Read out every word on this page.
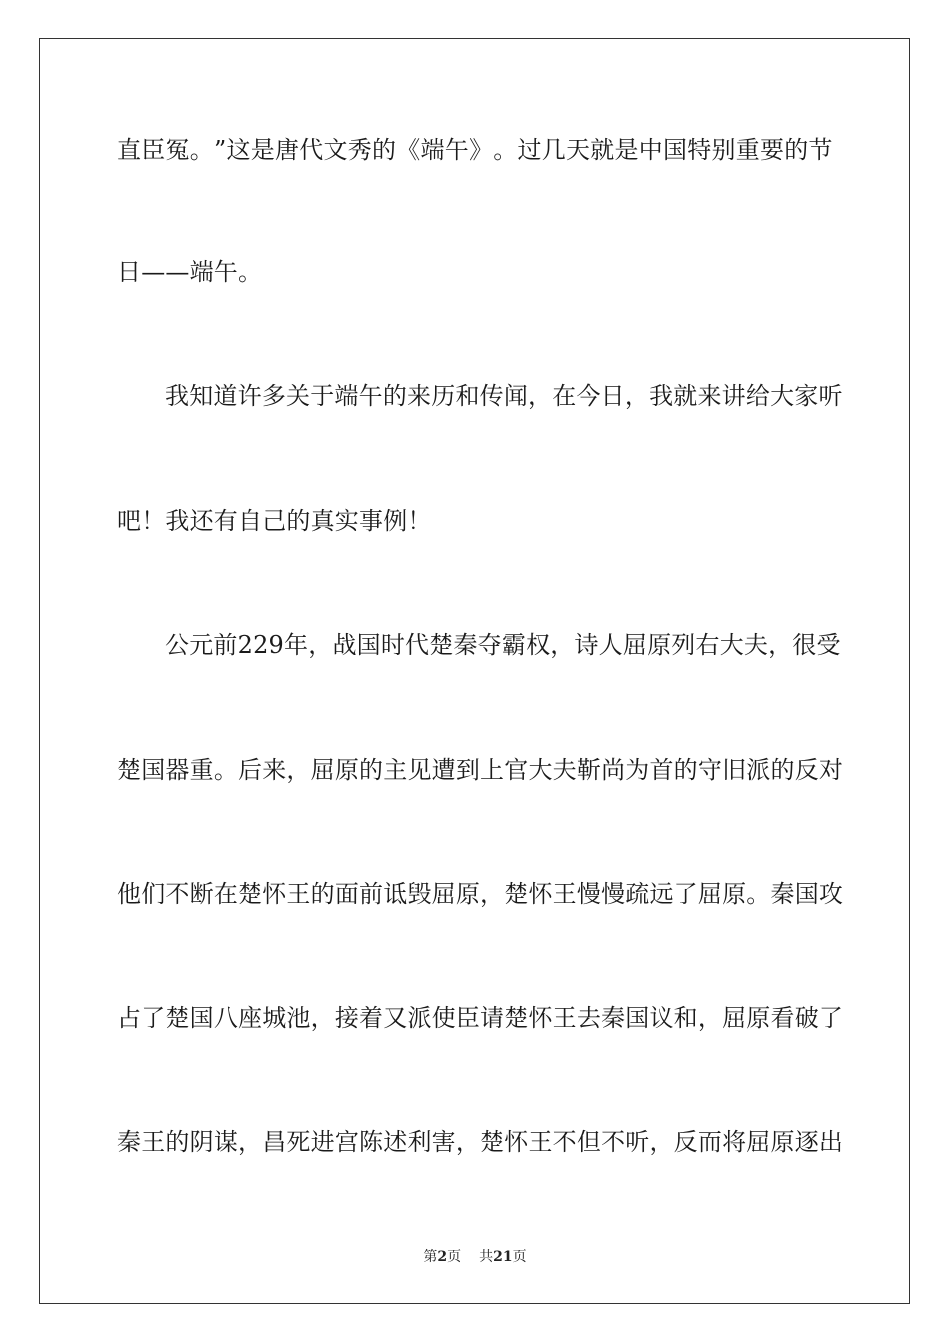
直 臣 冤 。 ” 这 是 唐 代 文 秀 的 《 端 午 》 。 过 几 天 就 是 中 国 特 别 重 要 的 节
日——端午。
我 知 道 许 多 关 于 端 午 的 来 历 和 传 闻 ， 在 今 日 ， 我 就 来 讲 给 大 家 听
吧！我还有自己的真实事例！
公 元 前 229 年 ， 战 国 时 代 楚 秦 夺 霸 权 ， 诗 人 屈 原 列 右 大 夫 ， 很 受
楚 国 器 重 。 后 来 ， 屈 原 的 主 见 遭 到 上 官 大 夫 靳 尚 为 首 的 守 旧 派 的 反 对
他 们 不 断 在 楚 怀 王 的 面 前 诋 毁 屈 原 ， 楚 怀 王 慢 慢 疏 远 了 屈 原 。 秦 国 攻
占 了 楚 国 八 座 城 池 ， 接 着 又 派 使 臣 请 楚 怀 王 去 秦 国 议 和 ， 屈 原 看 破 了
秦 王 的 阴 谋 ， 昌 死 进 宫 陈 述 利 害 ， 楚 怀 王 不 但 不 听 ， 反 而 将 屈 原 逐 出
第2页 共21页
